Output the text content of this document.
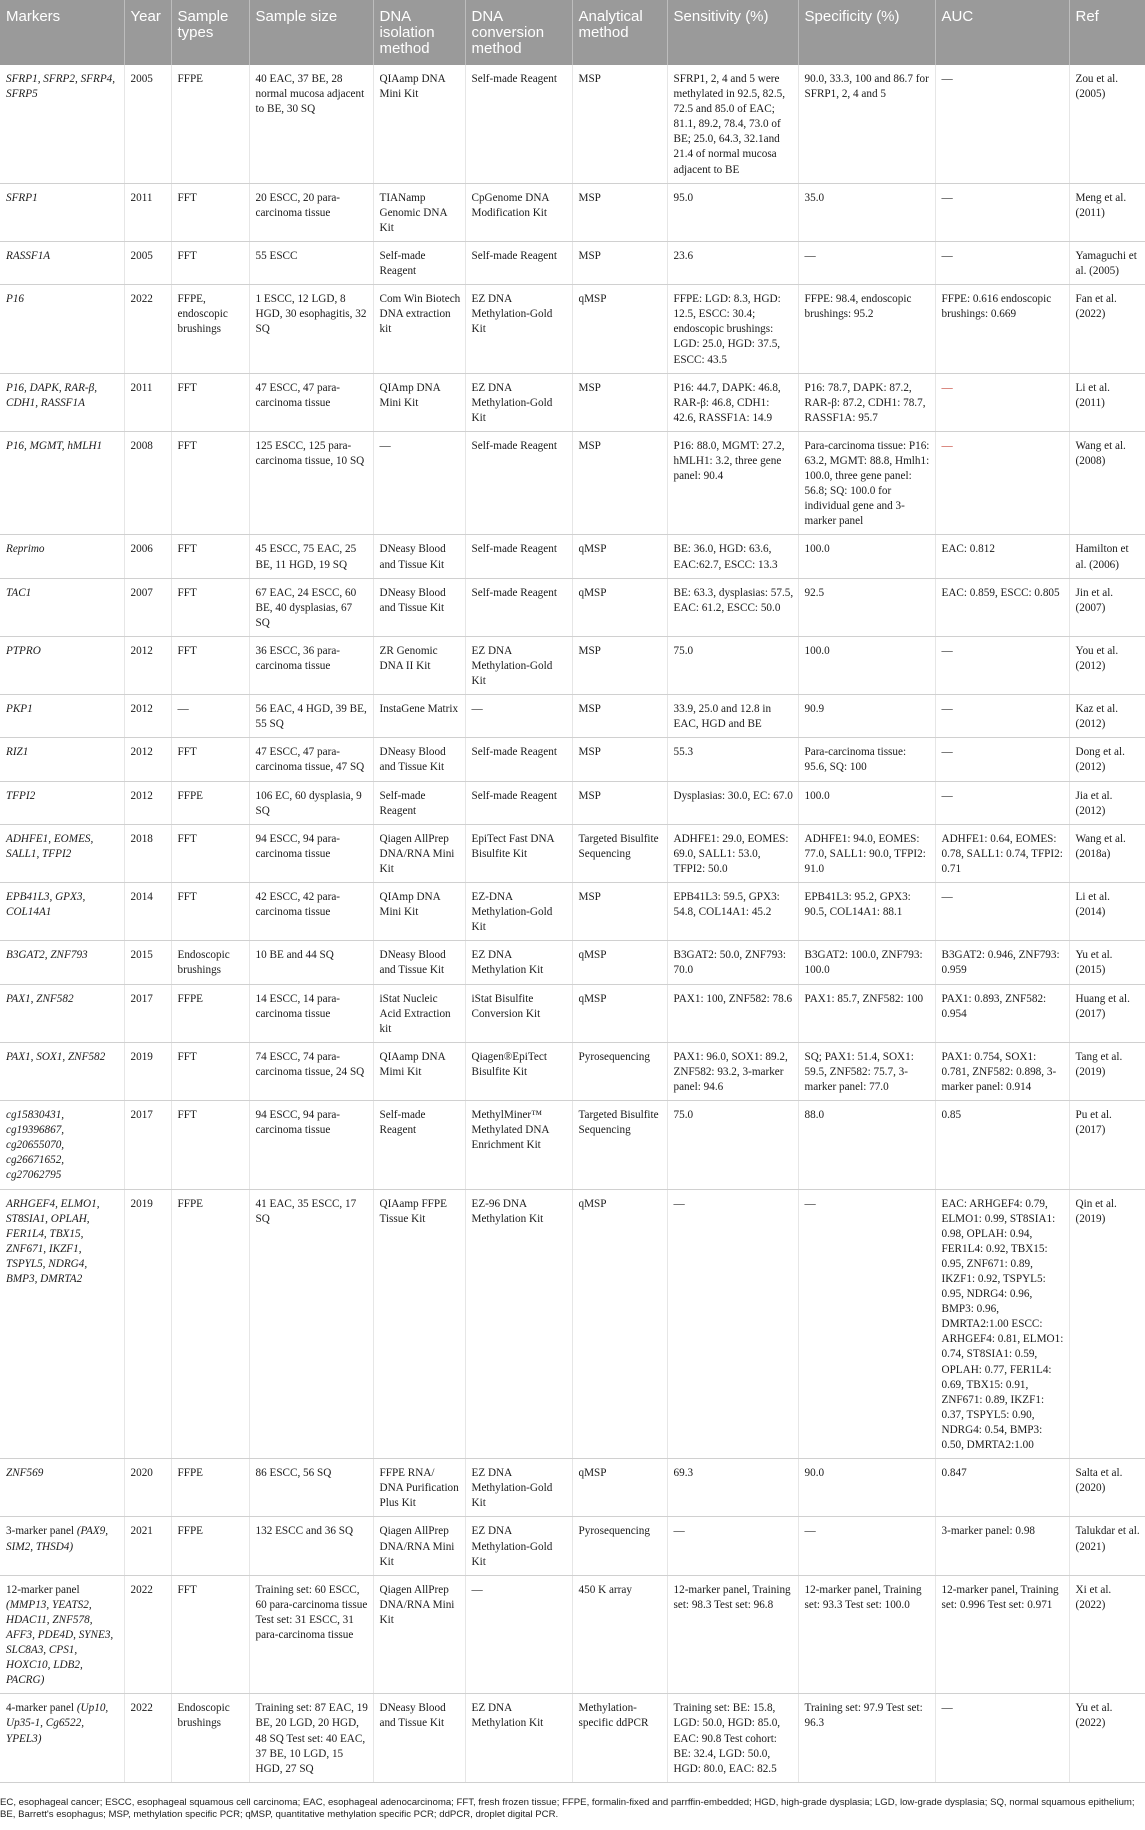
Markers	Year	Sample types	Sample size	DNA isolation method	DNA conversion method	Analytical method	Sensitivity (%)	Specificity (%)	AUC	Ref
SFRP1, SFRP2, SFRP4, SFRP5	2005	FFPE	40 EAC, 37 BE, 28 normal mucosa adjacent to BE, 30 SQ	QIAamp DNA Mini Kit	Self-made Reagent	MSP	SFRP1, 2, 4 and 5 were methylated in 92.5, 82.5, 72.5 and 85.0 of EAC; 81.1, 89.2, 78.4, 73.0 of BE; 25.0, 64.3, 32.1and 21.4 of normal mucosa adjacent to BE	90.0, 33.3, 100 and 86.7 for SFRP1, 2, 4 and 5	—	Zou et al. (2005)
SFRP1	2011	FFT	20 ESCC, 20 para-carcinoma tissue	TIANamp Genomic DNA Kit	CpGenome DNA Modification Kit	MSP	95.0	35.0	—	Meng et al. (2011)
RASSF1A	2005	FFT	55 ESCC	Self-made Reagent	Self-made Reagent	MSP	23.6	—	—	Yamaguchi et al. (2005)
P16	2022	FFPE, endoscopic brushings	1 ESCC, 12 LGD, 8 HGD, 30 esophagitis, 32 SQ	Com Win Biotech DNA extraction kit	EZ DNA Methylation-Gold Kit	qMSP	FFPE: LGD: 8.3, HGD: 12.5, ESCC: 30.4; endoscopic brushings: LGD: 25.0, HGD: 37.5, ESCC: 43.5	FFPE: 98.4, endoscopic brushings: 95.2	FFPE: 0.616 endoscopic brushings: 0.669	Fan et al. (2022)
P16, DAPK, RAR-β, CDH1, RASSF1A	2011	FFT	47 ESCC, 47 para-carcinoma tissue	QIAmp DNA Mini Kit	EZ DNA Methylation-Gold Kit	MSP	P16: 44.7, DAPK: 46.8, RAR-β: 46.8, CDH1: 42.6, RASSF1A: 14.9	P16: 78.7, DAPK: 87.2, RAR-β: 87.2, CDH1: 78.7, RASSF1A: 95.7	—	Li et al. (2011)
P16, MGMT, hMLH1	2008	FFT	125 ESCC, 125 para-carcinoma tissue, 10 SQ	—	Self-made Reagent	MSP	P16: 88.0, MGMT: 27.2, hMLH1: 3.2, three gene panel: 90.4	Para-carcinoma tissue: P16: 63.2, MGMT: 88.8, Hmlh1: 100.0, three gene panel: 56.8; SQ: 100.0 for individual gene and 3-marker panel	—	Wang et al. (2008)
Reprimo	2006	FFT	45 ESCC, 75 EAC, 25 BE, 11 HGD, 19 SQ	DNeasy Blood and Tissue Kit	Self-made Reagent	qMSP	BE: 36.0, HGD: 63.6, EAC:62.7, ESCC: 13.3	100.0	EAC: 0.812	Hamilton et al. (2006)
TAC1	2007	FFT	67 EAC, 24 ESCC, 60 BE, 40 dysplasias, 67 SQ	DNeasy Blood and Tissue Kit	Self-made Reagent	qMSP	BE: 63.3, dysplasias: 57.5, EAC: 61.2, ESCC: 50.0	92.5	EAC: 0.859, ESCC: 0.805	Jin et al. (2007)
PTPRO	2012	FFT	36 ESCC, 36 para-carcinoma tissue	ZR Genomic DNA II Kit	EZ DNA Methylation-Gold Kit	MSP	75.0	100.0	—	You et al. (2012)
PKP1	2012	—	56 EAC, 4 HGD, 39 BE, 55 SQ	InstaGene Matrix	—	MSP	33.9, 25.0 and 12.8 in EAC, HGD and BE	90.9	—	Kaz et al. (2012)
RIZ1	2012	FFT	47 ESCC, 47 para-carcinoma tissue, 47 SQ	DNeasy Blood and Tissue Kit	Self-made Reagent	MSP	55.3	Para-carcinoma tissue: 95.6, SQ: 100	—	Dong et al. (2012)
TFPI2	2012	FFPE	106 EC, 60 dysplasia, 9 SQ	Self-made Reagent	Self-made Reagent	MSP	Dysplasias: 30.0, EC: 67.0	100.0	—	Jia et al. (2012)
ADHFE1, EOMES, SALL1, TFPI2	2018	FFT	94 ESCC, 94 para-carcinoma tissue	Qiagen AllPrep DNA/RNA Mini Kit	EpiTect Fast DNA Bisulfite Kit	Targeted Bisulfite Sequencing	ADHFE1: 29.0, EOMES: 69.0, SALL1: 53.0, TFPI2: 50.0	ADHFE1: 94.0, EOMES: 77.0, SALL1: 90.0, TFPI2: 91.0	ADHFE1: 0.64, EOMES: 0.78, SALL1: 0.74, TFPI2: 0.71	Wang et al. (2018a)
EPB41L3, GPX3, COL14A1	2014	FFT	42 ESCC, 42 para-carcinoma tissue	QIAmp DNA Mini Kit	EZ-DNA Methylation-Gold Kit	MSP	EPB41L3: 59.5, GPX3: 54.8, COL14A1: 45.2	EPB41L3: 95.2, GPX3: 90.5, COL14A1: 88.1	—	Li et al. (2014)
B3GAT2, ZNF793	2015	Endoscopic brushings	10 BE and 44 SQ	DNeasy Blood and Tissue Kit	EZ DNA Methylation Kit	qMSP	B3GAT2: 50.0, ZNF793: 70.0	B3GAT2: 100.0, ZNF793: 100.0	B3GAT2: 0.946, ZNF793: 0.959	Yu et al. (2015)
PAX1, ZNF582	2017	FFPE	14 ESCC, 14 para-carcinoma tissue	iStat Nucleic Acid Extraction kit	iStat Bisulfite Conversion Kit	qMSP	PAX1: 100, ZNF582: 78.6	PAX1: 85.7, ZNF582: 100	PAX1: 0.893, ZNF582: 0.954	Huang et al. (2017)
PAX1, SOX1, ZNF582	2019	FFT	74 ESCC, 74 para-carcinoma tissue, 24 SQ	QIAamp DNA Mimi Kit	Qiagen®EpiTect Bisulfite Kit	Pyrosequencing	PAX1: 96.0, SOX1: 89.2, ZNF582: 93.2, 3-marker panel: 94.6	SQ; PAX1: 51.4, SOX1: 59.5, ZNF582: 75.7, 3-marker panel: 77.0	PAX1: 0.754, SOX1: 0.781, ZNF582: 0.898, 3-marker panel: 0.914	Tang et al. (2019)
cg15830431, cg19396867, cg20655070, cg26671652, cg27062795	2017	FFT	94 ESCC, 94 para-carcinoma tissue	Self-made Reagent	MethylMiner™ Methylated DNA Enrichment Kit	Targeted Bisulfite Sequencing	75.0	88.0	0.85	Pu et al. (2017)
ARHGEF4, ELMO1, ST8SIA1, OPLAH, FER1L4, TBX15, ZNF671, IKZF1, TSPYL5, NDRG4, BMP3, DMRTA2	2019	FFPE	41 EAC, 35 ESCC, 17 SQ	QIAamp FFPE Tissue Kit	EZ-96 DNA Methylation Kit	qMSP	—	—	EAC: ARHGEF4: 0.79, ELMO1: 0.99, ST8SIA1: 0.98, OPLAH: 0.94, FER1L4: 0.92, TBX15: 0.95, ZNF671: 0.89, IKZF1: 0.92, TSPYL5: 0.95, NDRG4: 0.96, BMP3: 0.96, DMRTA2:1.00 ESCC: ARHGEF4: 0.81, ELMO1: 0.74, ST8SIA1: 0.59, OPLAH: 0.77, FER1L4: 0.69, TBX15: 0.91, ZNF671: 0.89, IKZF1: 0.37, TSPYL5: 0.90, NDRG4: 0.54, BMP3: 0.50, DMRTA2:1.00	Qin et al. (2019)
ZNF569	2020	FFPE	86 ESCC, 56 SQ	FFPE RNA/ DNA Purification Plus Kit	EZ DNA Methylation-Gold Kit	qMSP	69.3	90.0	0.847	Salta et al. (2020)
3-marker panel (PAX9, SIM2, THSD4)	2021	FFPE	132 ESCC and 36 SQ	Qiagen AllPrep DNA/RNA Mini Kit	EZ DNA Methylation-Gold Kit	Pyrosequencing	—	—	3-marker panel: 0.98	Talukdar et al. (2021)
12-marker panel (MMP13, YEATS2, HDAC11, ZNF578, AFF3, PDE4D, SYNE3, SLC8A3, CPS1, HOXC10, LDB2, PACRG)	2022	FFT	Training set: 60 ESCC, 60 para-carcinoma tissue Test set: 31 ESCC, 31 para-carcinoma tissue	Qiagen AllPrep DNA/RNA Mini Kit	—	450 K array	12-marker panel, Training set: 98.3 Test set: 96.8	12-marker panel, Training set: 93.3 Test set: 100.0	12-marker panel, Training set: 0.996 Test set: 0.971	Xi et al. (2022)
4-marker panel (Up10, Up35-1, Cg6522, YPEL3)	2022	Endoscopic brushings	Training set: 87 EAC, 19 BE, 20 LGD, 20 HGD, 48 SQ Test set: 40 EAC, 37 BE, 10 LGD, 15 HGD, 27 SQ	DNeasy Blood and Tissue Kit	EZ DNA Methylation Kit	Methylation-specific ddPCR	Training set: BE: 15.8, LGD: 50.0, HGD: 85.0, EAC: 90.8 Test cohort: BE: 32.4, LGD: 50.0, HGD: 80.0, EAC: 82.5	Training set: 97.9 Test set: 96.3	—	Yu et al. (2022)

EC, esophageal cancer; ESCC, esophageal squamous cell carcinoma; EAC, esophageal adenocarcinoma; FFT, fresh frozen tissue; FFPE, formalin-fixed and parrffin-embedded; HGD, high-grade dysplasia; LGD, low-grade dysplasia; SQ, normal squamous epithelium; BE, Barrett's esophagus; MSP, methylation specific PCR; qMSP, quantitative methylation specific PCR; ddPCR, droplet digital PCR.
